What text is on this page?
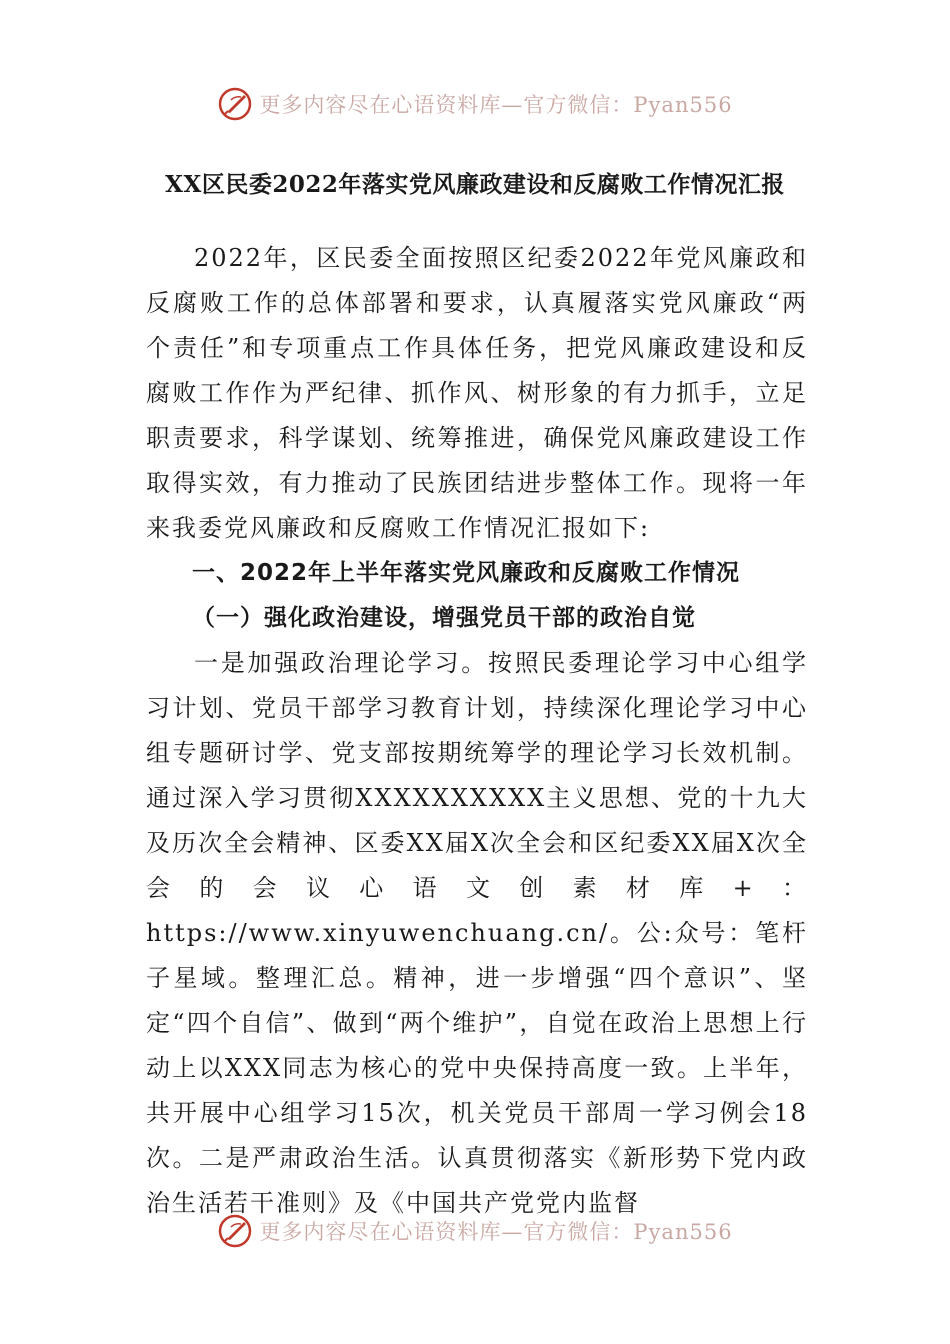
更多内容尽在心语资料库—官方微信：Pyan556
XX区民委2022年落实党风廉政建设和反腐败工作情况汇报

2022年，区民委全面按照区纪委2022年党风廉政和反腐败工作的总体部署和要求，认真履落实党风廉政“两个责任”和专项重点工作具体任务，把党风廉政建设和反腐败工作作为严纪律、抓作风、树形象的有力抓手，立足职责要求，科学谋划、统筹推进，确保党风廉政建设工作取得实效，有力推动了民族团结进步整体工作。现将一年来我委党风廉政和反腐败工作情况汇报如下:

一、2022年上半年落实党风廉政和反腐败工作情况

（一）强化政治建设，增强党员干部的政治自觉

一是加强政治理论学习。按照民委理论学习中心组学习计划、党员干部学习教育计划，持续深化理论学习中心组专题研讨学、党支部按期统筹学的理论学习长效机制。通过深入学习贯彻XXXXXXXXXX主义思想、党的十九大及历次全会精神、区委XX届X次全会和区纪委XX届X次全会的会议心语文创素材库+：https://www.xinyuwenchuang.cn/。公:众号：笔杆子星域。整理汇总。精神，进一步增强“四个意识”、坚定“四个自信”、做到“两个维护”，自觉在政治上思想上行动上以XXX同志为核心的党中央保持高度一致。上半年，共开展中心组学习15次，机关党员干部周一学习例会18次。二是严肃政治生活。认真贯彻落实《新形势下党内政治生活若干准则》及《中国共产党党内监督

更多内容尽在心语资料库—官方微信：Pyan556
